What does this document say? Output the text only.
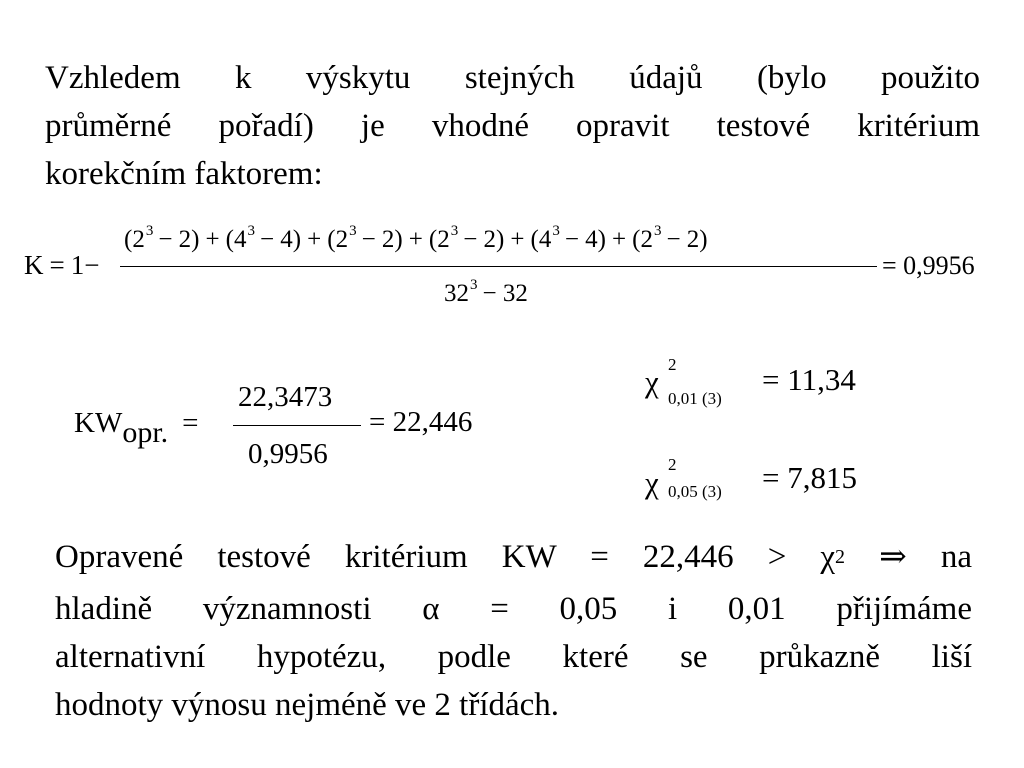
Vzhledem k výskytu stejných údajů (bylo použito
průměrné pořadí) je vhodné opravit testové kritérium
korekčním faktorem:
K = 1−
$(2^3 - 2) + (4^3 - 4) + (2^3 - 2) + (2^3 - 2) + (4^3 - 4) + (2^3 - 2)$
$32^3 - 32$
= 0,9956
KWopr. =
22,3473
0,9956
= 22,446
χ 2
0,01 (3)
= 11,34
χ
2
0,05 (3) = 7,815
Opravené testové kritérium KW = $22,446 > \chi^2$ ⇒ na
hladině významnosti α = 0,05 i 0,01 přijímáme
alternativní hypotézu, podle které se průkazně liší
hodnoty výnosu nejméně ve 2 třídách.
